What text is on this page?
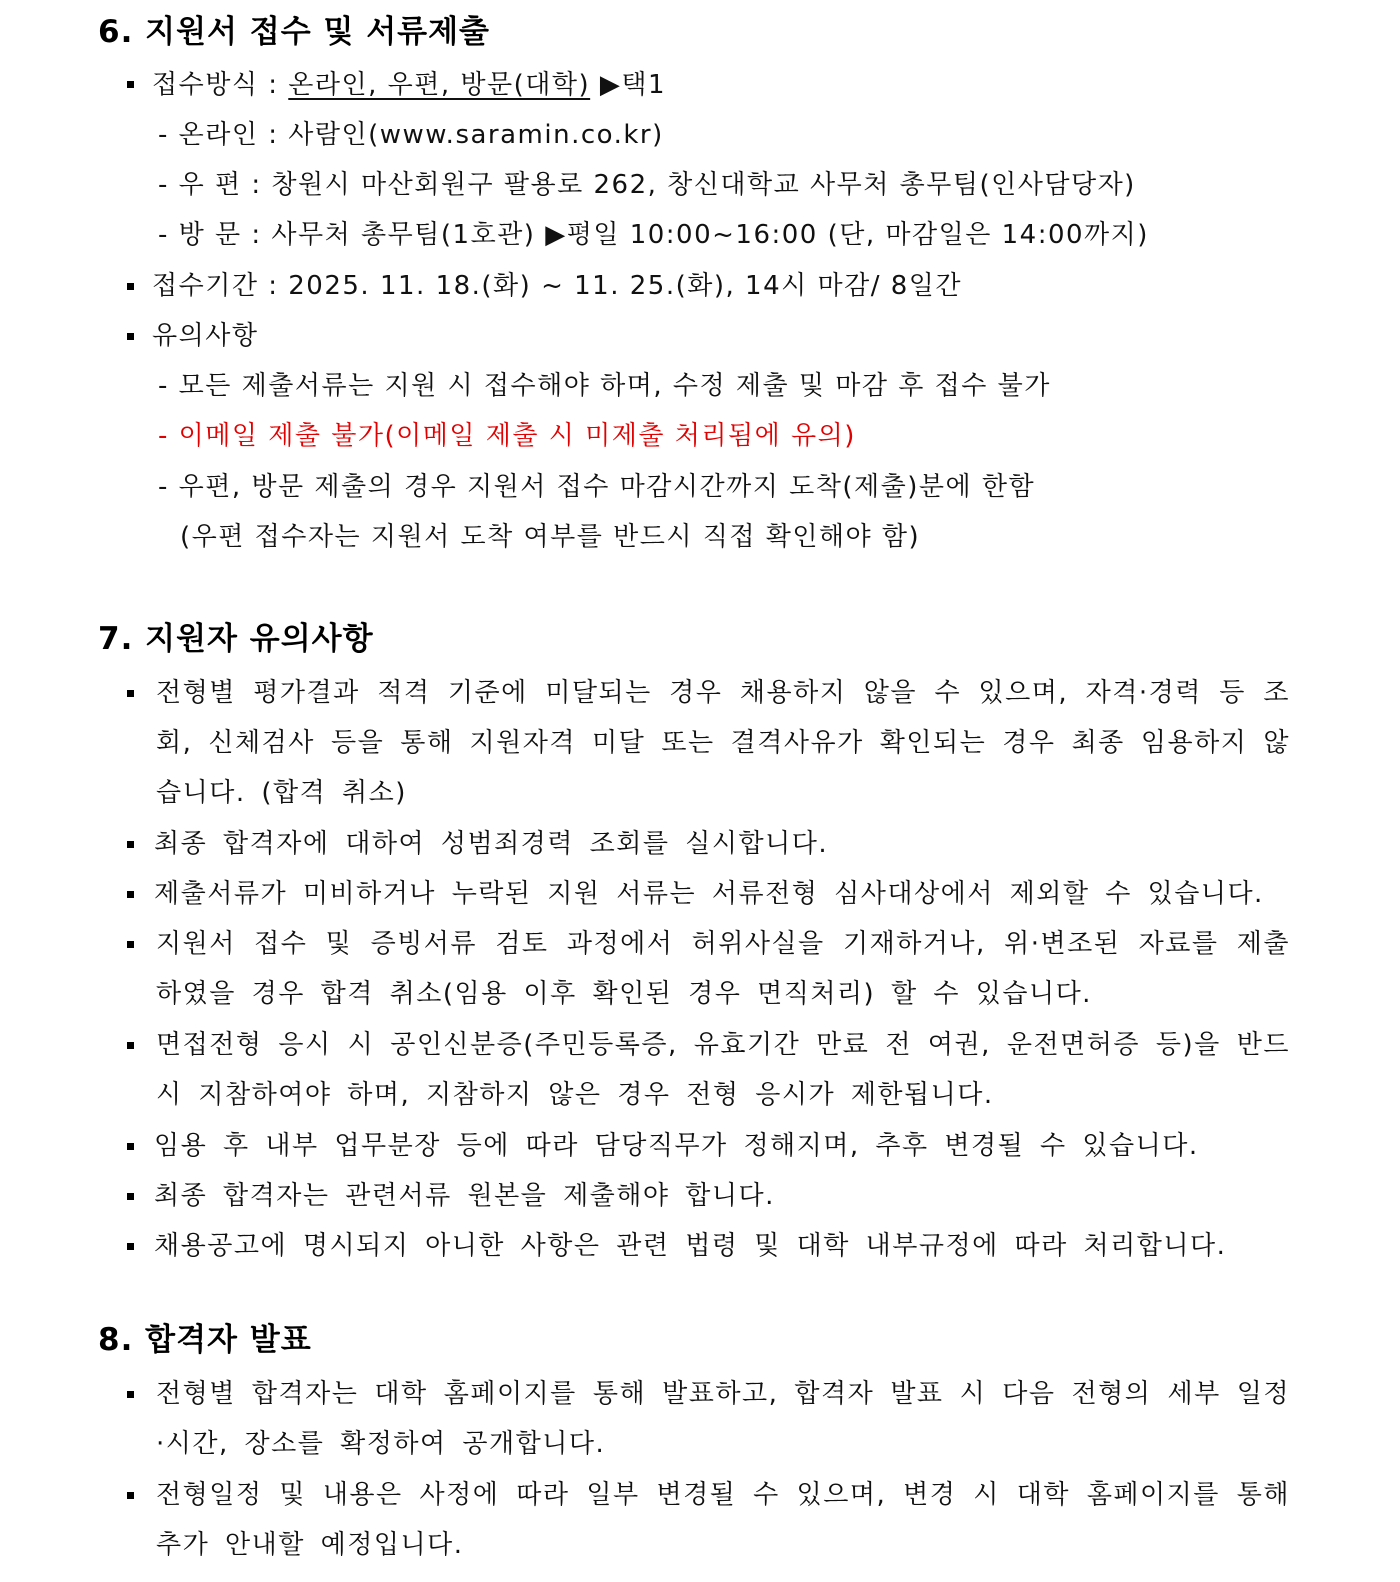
6. 지원서 접수 및 서류제출

접수방식 : 온라인, 우편, 방문(대학) ▶택1

- 온라인 : 사람인(www.saramin.co.kr)

- 우 편 : 창원시 마산회원구 팔용로 262, 창신대학교 사무처 총무팀(인사담당자)

- 방 문 : 사무처 총무팀(1호관) ▶평일 10:00~16:00 (단, 마감일은 14:00까지)

접수기간 : 2025. 11. 18.(화) ~ 11. 25.(화), 14시 마감/ 8일간

유의사항

- 모든 제출서류는 지원 시 접수해야 하며, 수정 제출 및 마감 후 접수 불가

- 이메일 제출 불가(이메일 제출 시 미제출 처리됨에 유의)

- 우편, 방문 제출의 경우 지원서 접수 마감시간까지 도착(제출)분에 한함

(우편 접수자는 지원서 도착 여부를 반드시 직접 확인해야 함)

7. 지원자 유의사항

전형별 평가결과 적격 기준에 미달되는 경우 채용하지 않을 수 있으며, 자격·경력 등 조회, 신체검사 등을 통해 지원자격 미달 또는 결격사유가 확인되는 경우 최종 임용하지 않습니다. (합격 취소)

최종 합격자에 대하여 성범죄경력 조회를 실시합니다.

제출서류가 미비하거나 누락된 지원 서류는 서류전형 심사대상에서 제외할 수 있습니다.

지원서 접수 및 증빙서류 검토 과정에서 허위사실을 기재하거나, 위·변조된 자료를 제출하였을 경우 합격 취소(임용 이후 확인된 경우 면직처리) 할 수 있습니다.

면접전형 응시 시 공인신분증(주민등록증, 유효기간 만료 전 여권, 운전면허증 등)을 반드시 지참하여야 하며, 지참하지 않은 경우 전형 응시가 제한됩니다.

임용 후 내부 업무분장 등에 따라 담당직무가 정해지며, 추후 변경될 수 있습니다.

최종 합격자는 관련서류 원본을 제출해야 합니다.

채용공고에 명시되지 아니한 사항은 관련 법령 및 대학 내부규정에 따라 처리합니다.

8. 합격자 발표

전형별 합격자는 대학 홈페이지를 통해 발표하고, 합격자 발표 시 다음 전형의 세부 일정·시간, 장소를 확정하여 공개합니다.

전형일정 및 내용은 사정에 따라 일부 변경될 수 있으며, 변경 시 대학 홈페이지를 통해 추가 안내할 예정입니다.
